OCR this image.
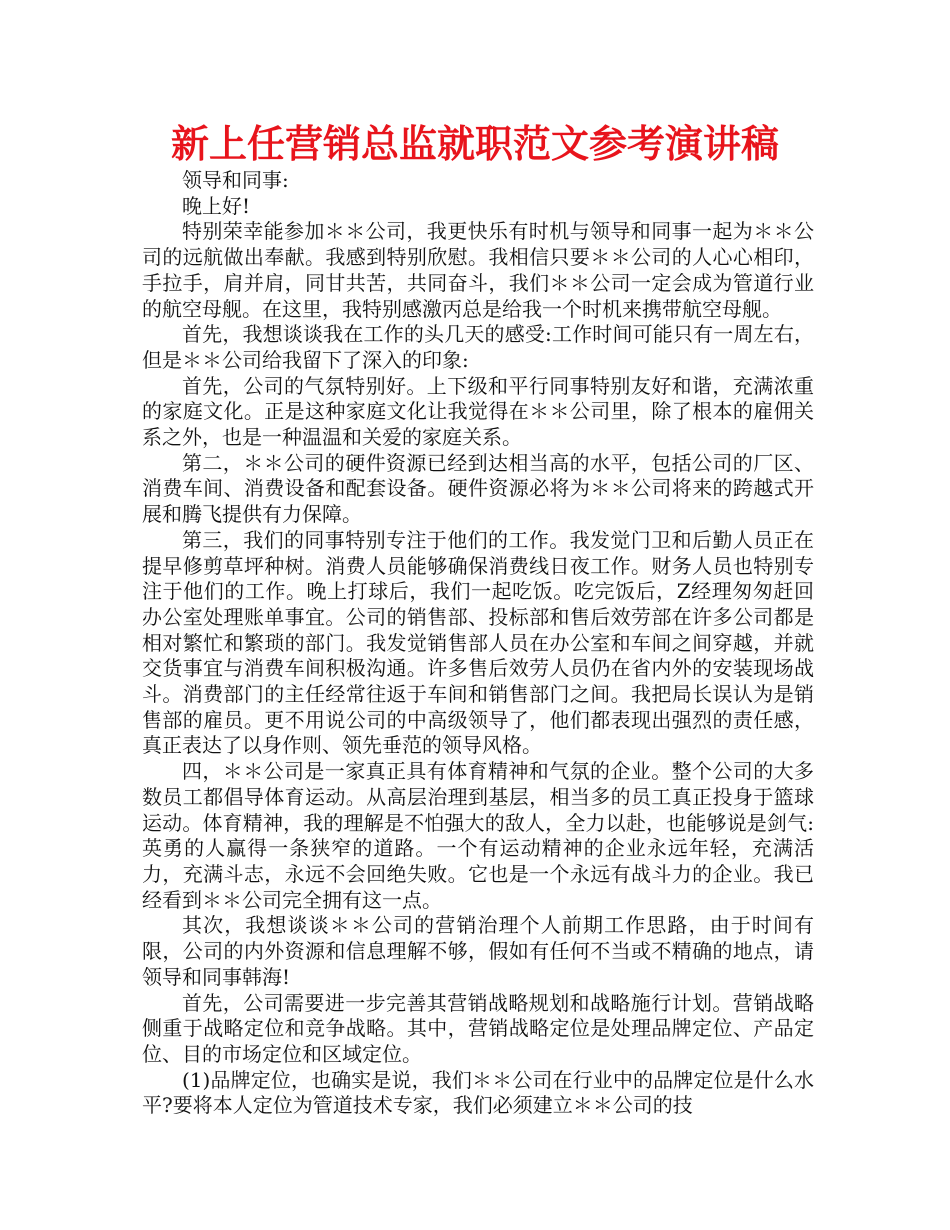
新上任营销总监就职范文参考演讲稿

领导和同事:

晚上好!

特别荣幸能参加＊＊公司，我更快乐有时机与领导和同事一起为＊＊公司的远航做出奉献。我感到特别欣慰。我相信只要＊＊公司的人心心相印，手拉手，肩并肩，同甘共苦，共同奋斗，我们＊＊公司一定会成为管道行业的航空母舰。在这里，我特别感激丙总是给我一个时机来携带航空母舰。

首先，我想谈谈我在工作的头几天的感受:工作时间可能只有一周左右，但是＊＊公司给我留下了深入的印象:

首先，公司的气氛特别好。上下级和平行同事特别友好和谐，充满浓重的家庭文化。正是这种家庭文化让我觉得在＊＊公司里，除了根本的雇佣关系之外，也是一种温温和关爱的家庭关系。

第二，＊＊公司的硬件资源已经到达相当高的水平，包括公司的厂区、消费车间、消费设备和配套设备。硬件资源必将为＊＊公司将来的跨越式开展和腾飞提供有力保障。

第三，我们的同事特别专注于他们的工作。我发觉门卫和后勤人员正在提早修剪草坪种树。消费人员能够确保消费线日夜工作。财务人员也特别专注于他们的工作。晚上打球后，我们一起吃饭。吃完饭后，Z经理匆匆赶回办公室处理账单事宜。公司的销售部、投标部和售后效劳部在许多公司都是相对繁忙和繁琐的部门。我发觉销售部人员在办公室和车间之间穿越，并就交货事宜与消费车间积极沟通。许多售后效劳人员仍在省内外的安装现场战斗。消费部门的主任经常往返于车间和销售部门之间。我把局长误认为是销售部的雇员。更不用说公司的中高级领导了，他们都表现出强烈的责任感，真正表达了以身作则、领先垂范的领导风格。

四，＊＊公司是一家真正具有体育精神和气氛的企业。整个公司的大多数员工都倡导体育运动。从高层治理到基层，相当多的员工真正投身于篮球运动。体育精神，我的理解是不怕强大的敌人，全力以赴，也能够说是剑气:英勇的人赢得一条狭窄的道路。一个有运动精神的企业永远年轻，充满活力，充满斗志，永远不会回绝失败。它也是一个永远有战斗力的企业。我已经看到＊＊公司完全拥有这一点。

其次，我想谈谈＊＊公司的营销治理个人前期工作思路，由于时间有限，公司的内外资源和信息理解不够，假如有任何不当或不精确的地点，请领导和同事韩海!

首先，公司需要进一步完善其营销战略规划和战略施行计划。营销战略侧重于战略定位和竞争战略。其中，营销战略定位是处理品牌定位、产品定位、目的市场定位和区域定位。

(1)品牌定位，也确实是说，我们＊＊公司在行业中的品牌定位是什么水平?要将本人定位为管道技术专家，我们必须建立＊＊公司的技
